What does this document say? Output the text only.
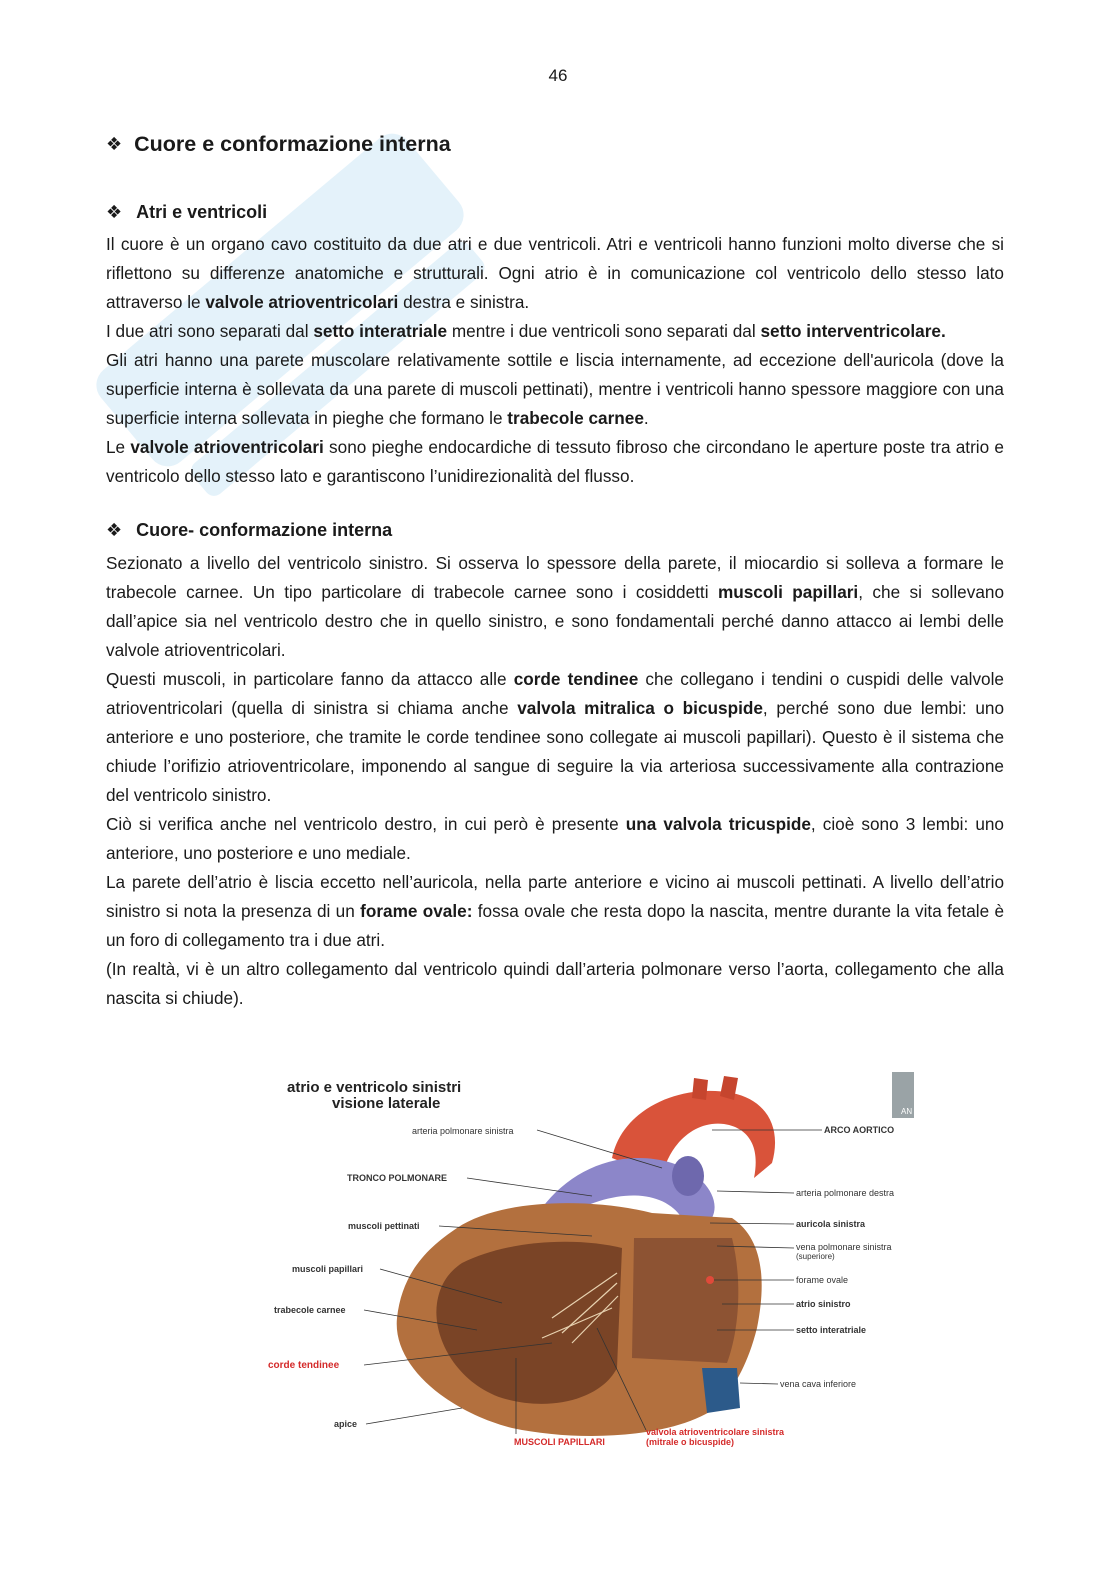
46
❖ Cuore e conformazione interna
❖ Atri e ventricoli

Il cuore è un organo cavo costituito da due atri e due ventricoli. Atri e ventricoli hanno funzioni molto diverse che si riflettono su differenze anatomiche e strutturali. Ogni atrio è in comunicazione col ventricolo dello stesso lato attraverso le valvole atrioventricolari destra e sinistra.

I due atri sono separati dal setto interatriale mentre i due ventricoli sono separati dal setto interventricolare.

Gli atri hanno una parete muscolare relativamente sottile e liscia internamente, ad eccezione dell'auricola (dove la superficie interna è sollevata da una parete di muscoli pettinati), mentre i ventricoli hanno spessore maggiore con una superficie interna sollevata in pieghe che formano le trabecole carnee.

Le valvole atrioventricolari sono pieghe endocardiche di tessuto fibroso che circondano le aperture poste tra atrio e ventricolo dello stesso lato e garantiscono l’unidirezionalità del flusso.

❖ Cuore- conformazione interna

Sezionato a livello del ventricolo sinistro. Si osserva lo spessore della parete, il miocardio si solleva a formare le trabecole carnee. Un tipo particolare di trabecole carnee sono i cosiddetti muscoli papillari, che si sollevano dall’apice sia nel ventricolo destro che in quello sinistro, e sono fondamentali perché danno attacco ai lembi delle valvole atrioventricolari.

Questi muscoli, in particolare fanno da attacco alle corde tendinee che collegano i tendini o cuspidi delle valvole atrioventricolari (quella di sinistra si chiama anche valvola mitralica o bicuspide, perché sono due lembi: uno anteriore e uno posteriore, che tramite le corde tendinee sono collegate ai muscoli papillari). Questo è il sistema che chiude l’orifizio atrioventricolare, imponendo al sangue di seguire la via arteriosa successivamente alla contrazione del ventricolo sinistro.

Ciò si verifica anche nel ventricolo destro, in cui però è presente una valvola tricuspide, cioè sono 3 lembi: uno anteriore, uno posteriore e uno mediale.

La parete dell’atrio è liscia eccetto nell’auricola, nella parte anteriore e vicino ai muscoli pettinati. A livello dell’atrio sinistro si nota la presenza di un forame ovale: fossa ovale che resta dopo la nascita, mentre durante la vita fetale è un foro di collegamento tra i due atri.

(In realtà, vi è un altro collegamento dal ventricolo quindi dall’arteria polmonare verso l’aorta, collegamento che alla nascita si chiude).

AN
atrio e ventricolo sinistri
visione laterale
arteria polmonare sinistra
TRONCO POLMONARE
muscoli pettinati
muscoli papillari
trabecole carnee
corde tendinee
apice
ARCO AORTICO
arteria polmonare destra
auricola sinistra
vena polmonare sinistra
(superiore)
forame ovale
atrio sinistro
setto interatriale
vena cava inferiore
MUSCOLI PAPILLARI
valvola atrioventricolare sinistra
(mitrale o bicuspide)
